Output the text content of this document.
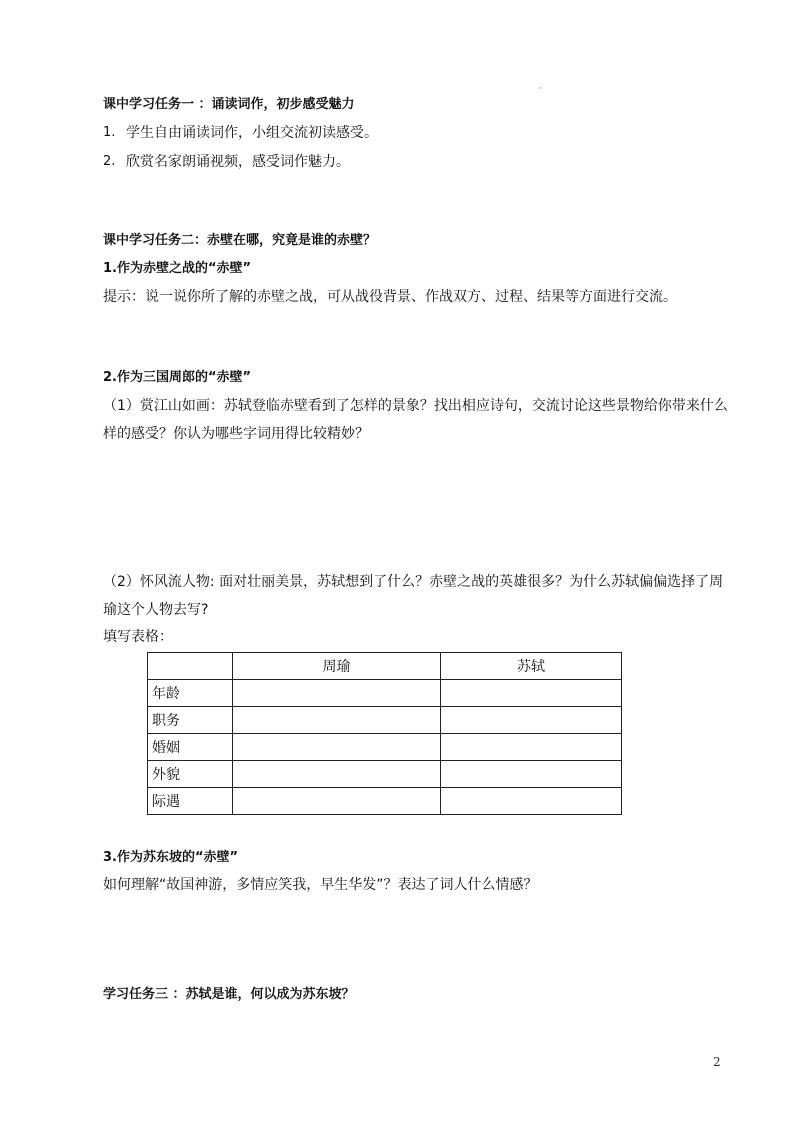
·
课中学习任务一 ：诵读词作，初步感受魅力
1. 学生自由诵读词作，小组交流初读感受。
2. 欣赏名家朗诵视频，感受词作魅力。
课中学习任务二：赤壁在哪，究竟是谁的赤壁？
1.作为赤壁之战的“赤壁”
提示：说一说你所了解的赤壁之战，可从战役背景、作战双方、过程、结果等方面进行交流。
2.作为三国周郎的“赤壁”
（1）赏江山如画：苏轼登临赤壁看到了怎样的景象？找出相应诗句，交流讨论这些景物给你带来什么
样的感受？你认为哪些字词用得比较精妙？
（2）怀风流人物: 面对壮丽美景，苏轼想到了什么？赤壁之战的英雄很多？为什么苏轼偏偏选择了周
瑜这个人物去写?
填写表格：
	周瑜	苏轼
年龄		
职务		
婚姻		
外貌		
际遇		
3.作为苏东坡的“赤壁”
如何理解“故国神游，多情应笑我，早生华发”？表达了词人什么情感？
学习任务三 ：苏轼是谁，何以成为苏东坡？
2
